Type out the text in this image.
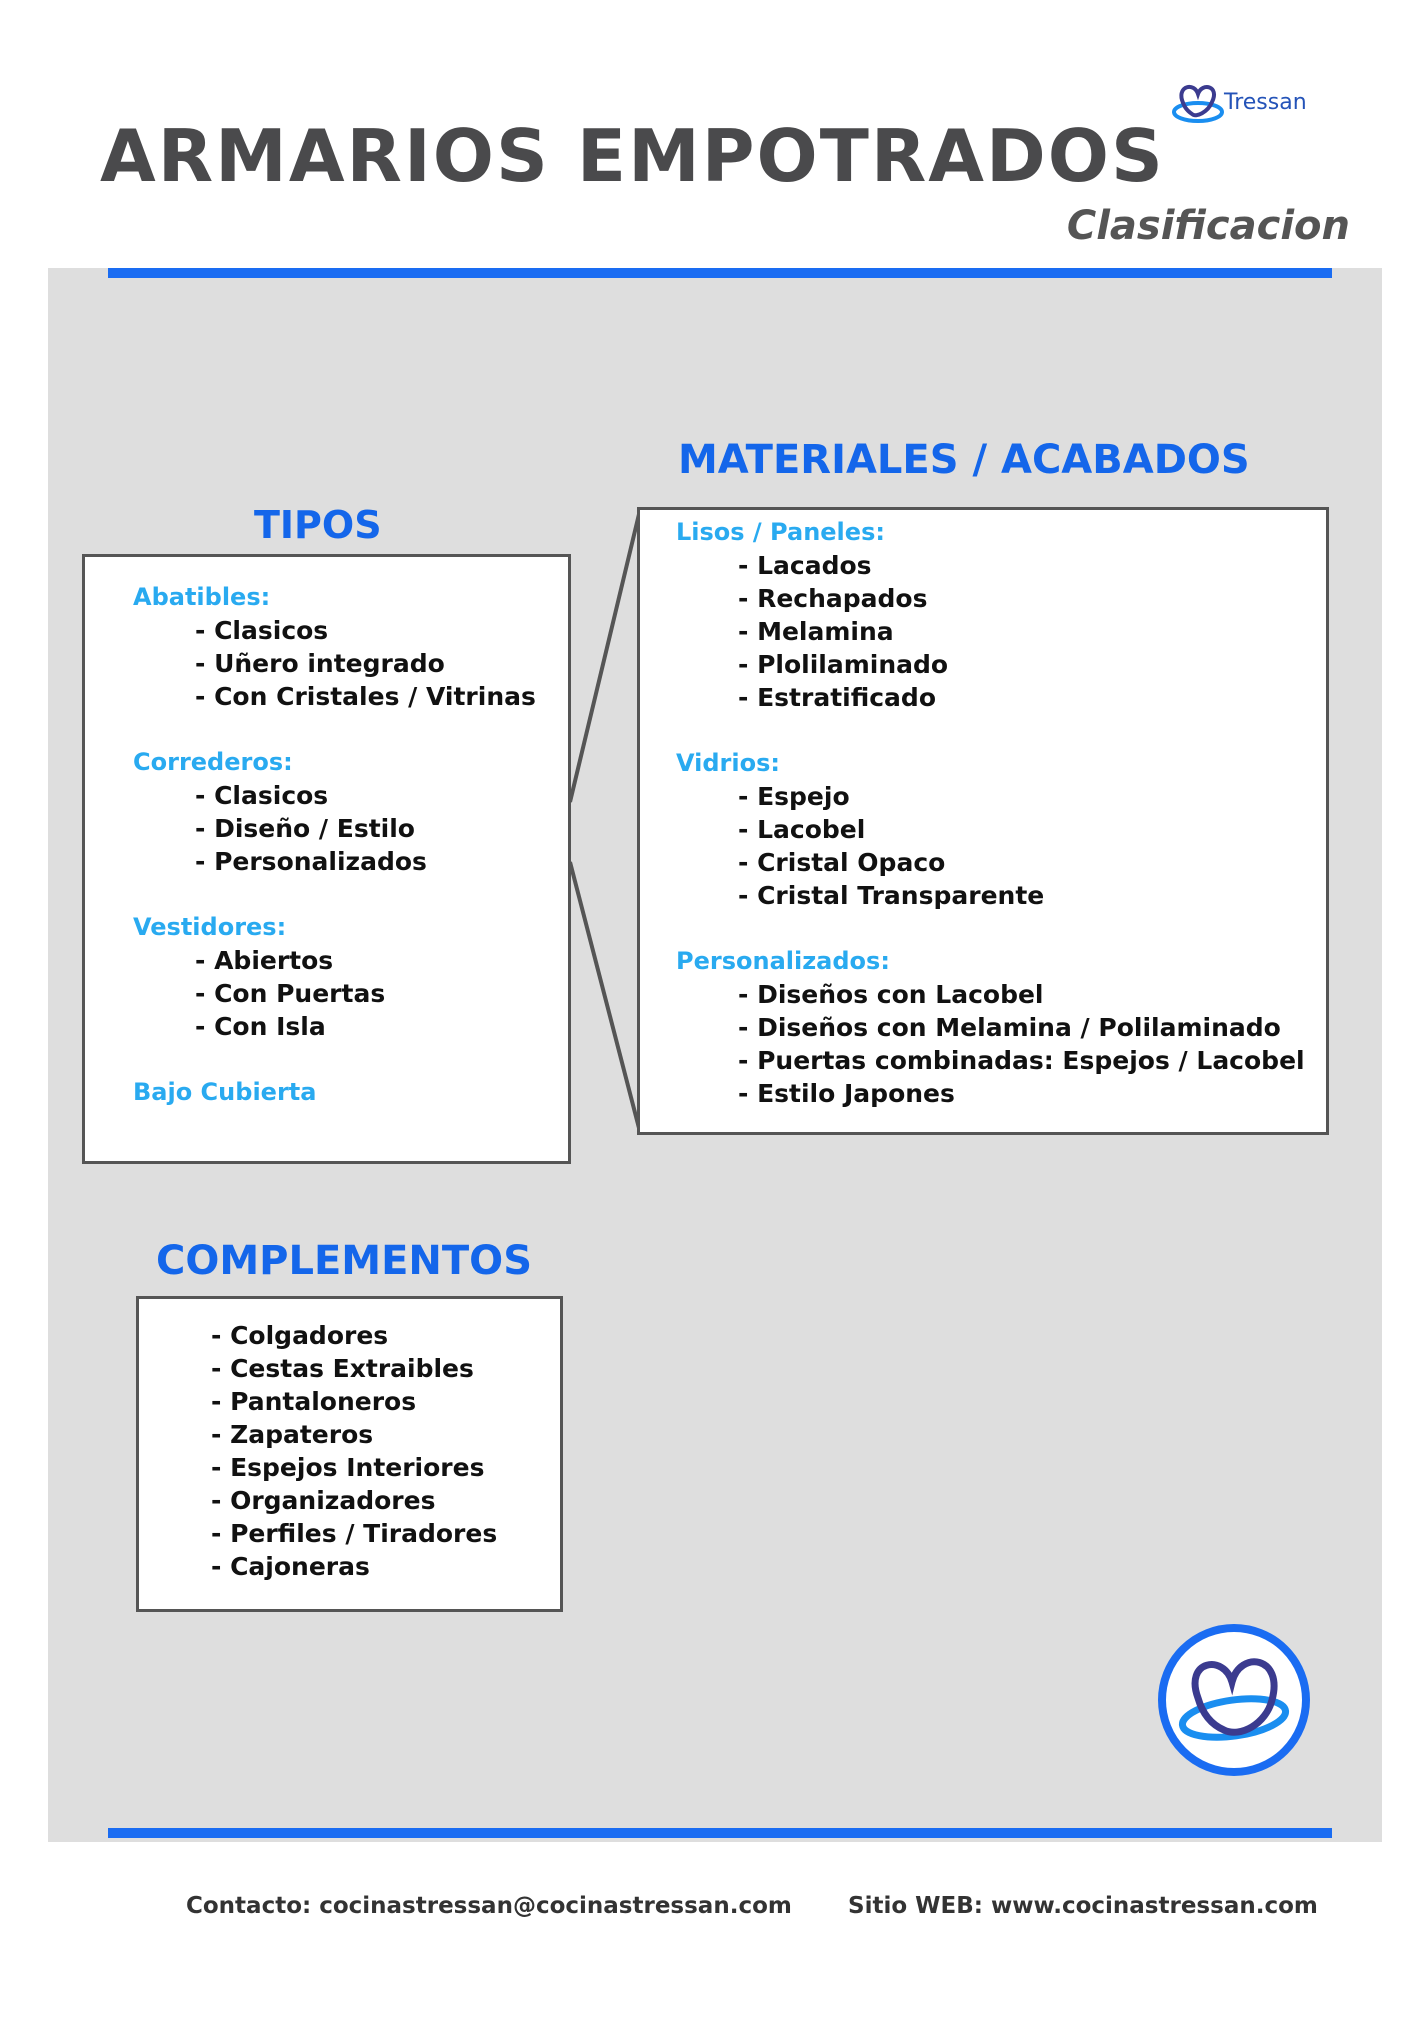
ARMARIOS EMPOTRADOS
Clasificacion
Tressan
TIPOS
Abatibles:
- Clasicos
- Uñero integrado
- Con Cristales / Vitrinas
Correderos:
- Clasicos
- Diseño / Estilo
- Personalizados
Vestidores:
- Abiertos
- Con Puertas
- Con Isla
Bajo Cubierta
MATERIALES / ACABADOS
Lisos / Paneles:
- Lacados
- Rechapados
- Melamina
- Plolilaminado
- Estratificado
Vidrios:
- Espejo
- Lacobel
- Cristal Opaco
- Cristal Transparente
Personalizados:
- Diseños con Lacobel
- Diseños con Melamina / Polilaminado
- Puertas combinadas: Espejos / Lacobel
- Estilo Japones
COMPLEMENTOS
- Colgadores
- Cestas Extraibles
- Pantaloneros
- Zapateros
- Espejos Interiores
- Organizadores
- Perfiles / Tiradores
- Cajoneras
Contacto: cocinastressan@cocinastressan.com Sitio WEB: www.cocinastressan.com
